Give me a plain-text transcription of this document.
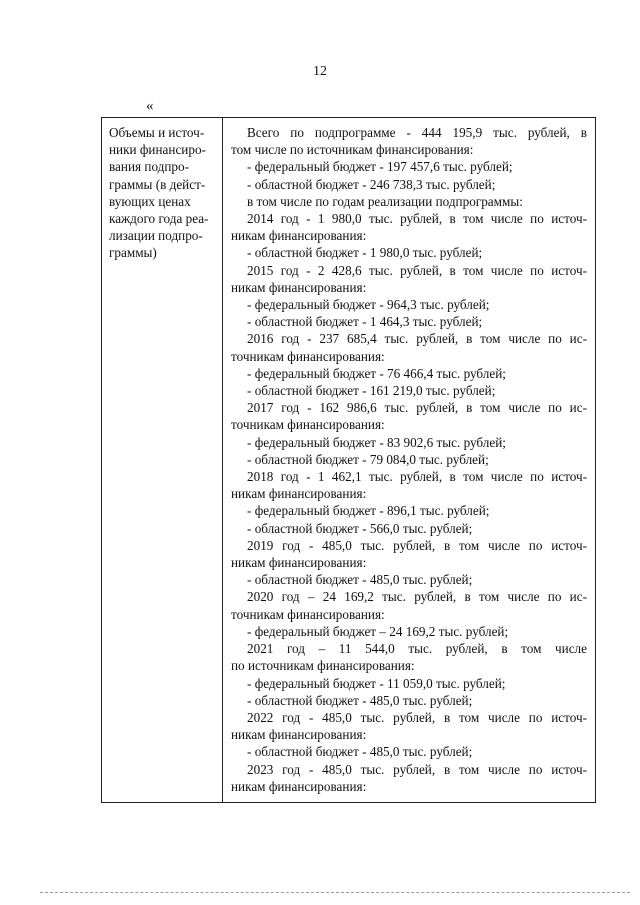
12
«
Объемы и источ-
ники финансиро-
вания подпро-
граммы (в дейст-
вующих ценах
каждого года реа-
лизации подпро-
граммы)

Всего по подпрограмме - 444 195,9 тыс. рублей, в
том числе по источникам финансирования:
- федеральный бюджет - 197 457,6 тыс. рублей;
- областной бюджет - 246 738,3 тыс. рублей;
в том числе по годам реализации подпрограммы:
2014 год - 1 980,0 тыс. рублей, в том числе по источ-
никам финансирования:
- областной бюджет - 1 980,0 тыс. рублей;
2015 год - 2 428,6 тыс. рублей, в том числе по источ-
никам финансирования:
- федеральный бюджет - 964,3 тыс. рублей;
- областной бюджет - 1 464,3 тыс. рублей;
2016 год - 237 685,4 тыс. рублей, в том числе по ис-
точникам финансирования:
- федеральный бюджет - 76 466,4 тыс. рублей;
- областной бюджет - 161 219,0 тыс. рублей;
2017 год - 162 986,6 тыс. рублей, в том числе по ис-
точникам финансирования:
- федеральный бюджет - 83 902,6 тыс. рублей;
- областной бюджет - 79 084,0 тыс. рублей;
2018 год - 1 462,1 тыс. рублей, в том числе по источ-
никам финансирования:
- федеральный бюджет - 896,1 тыс. рублей;
- областной бюджет - 566,0 тыс. рублей;
2019 год - 485,0 тыс. рублей, в том числе по источ-
никам финансирования:
- областной бюджет - 485,0 тыс. рублей;
2020 год – 24 169,2 тыс. рублей, в том числе по ис-
точникам финансирования:
- федеральный бюджет – 24 169,2 тыс. рублей;
2021 год – 11 544,0 тыс. рублей, в том числе
по источникам финансирования:
- федеральный бюджет - 11 059,0 тыс. рублей;
- областной бюджет - 485,0 тыс. рублей;
2022 год - 485,0 тыс. рублей, в том числе по источ-
никам финансирования:
- областной бюджет - 485,0 тыс. рублей;
2023 год - 485,0 тыс. рублей, в том числе по источ-
никам финансирования:
